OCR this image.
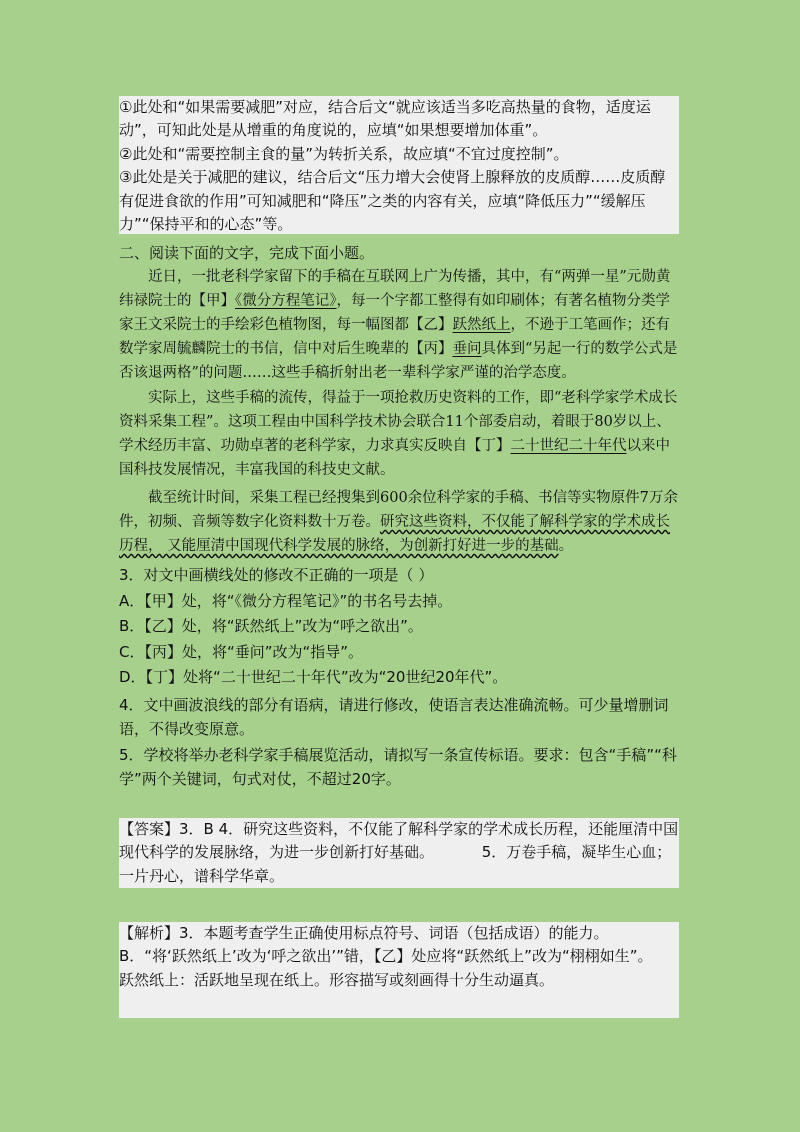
①此处和“如果需要减肥”对应，结合后文“就应该适当多吃高热量的食物，适度运动”，可知此处是从增重的角度说的，应填“如果想要增加体重”。

②此处和“需要控制主食的量”为转折关系，故应填“不宜过度控制”。

③此处是关于减肥的建议，结合后文“压力增大会使肾上腺释放的皮质醇……皮质醇有促进食欲的作用”可知减肥和“降压”之类的内容有关，应填“降低压力”“缓解压力”“保持平和的心态”等。

二、阅读下面的文字，完成下面小题。

近日，一批老科学家留下的手稿在互联网上广为传播，其中，有“两弹一星”元勋黄纬禄院士的【甲】《微分方程笔记》，每一个字都工整得有如印刷体；有著名植物分类学家王文采院士的手绘彩色植物图，每一幅图都【乙】跃然纸上，不逊于工笔画作；还有数学家周毓麟院士的书信，信中对后生晚辈的【丙】垂问具体到“另起一行的数学公式是否该退两格”的问题……这些手稿折射出老一辈科学家严谨的治学态度。

实际上，这些手稿的流传，得益于一项抢救历史资料的工作，即“老科学家学术成长资料采集工程”。这项工程由中国科学技术协会联合11个部委启动，着眼于80岁以上、学术经历丰富、功勋卓著的老科学家，力求真实反映自【丁】二十世纪二十年代以来中国科技发展情况，丰富我国的科技史文献。

截至统计时间，采集工程已经搜集到600余位科学家的手稿、书信等实物原件7万余件，初频、音频等数字化资料数十万卷。研究这些资料，不仅能了解科学家的学术成长历程， 又能厘清中国现代科学发展的脉络，为创新打好进一步的基础。

3．对文中画横线处的修改不正确的一项是（ ）
A．【甲】处，将“《微分方程笔记》”的书名号去掉。
B．【乙】处，将“跃然纸上”改为“呼之欲出”。
C．【丙】处，将“垂问”改为“指导”。
D．【丁】处将“二十世纪二十年代”改为“20世纪20年代”。
4．文中画波浪线的部分有语病，请进行修改，使语言表达准确流畅。可少量增删词语，不得改变原意。
5．学校将举办老科学家手稿展览活动，请拟写一条宣传标语。要求：包含“手稿”“科学”两个关键词，句式对仗，不超过20字。

【答案】3．B 4．研究这些资料，不仅能了解科学家的学术成长历程，还能厘清中国现代科学的发展脉络，为进一步创新打好基础。	5．万卷手稿，凝毕生心血；一片丹心，谱科学华章。

【解析】3．本题考查学生正确使用标点符号、词语（包括成语）的能力。

B．“将‘跃然纸上’改为‘呼之欲出’”错，【乙】处应将“跃然纸上”改为“栩栩如生”。

跃然纸上：活跃地呈现在纸上。形容描写或刻画得十分生动逼真。
